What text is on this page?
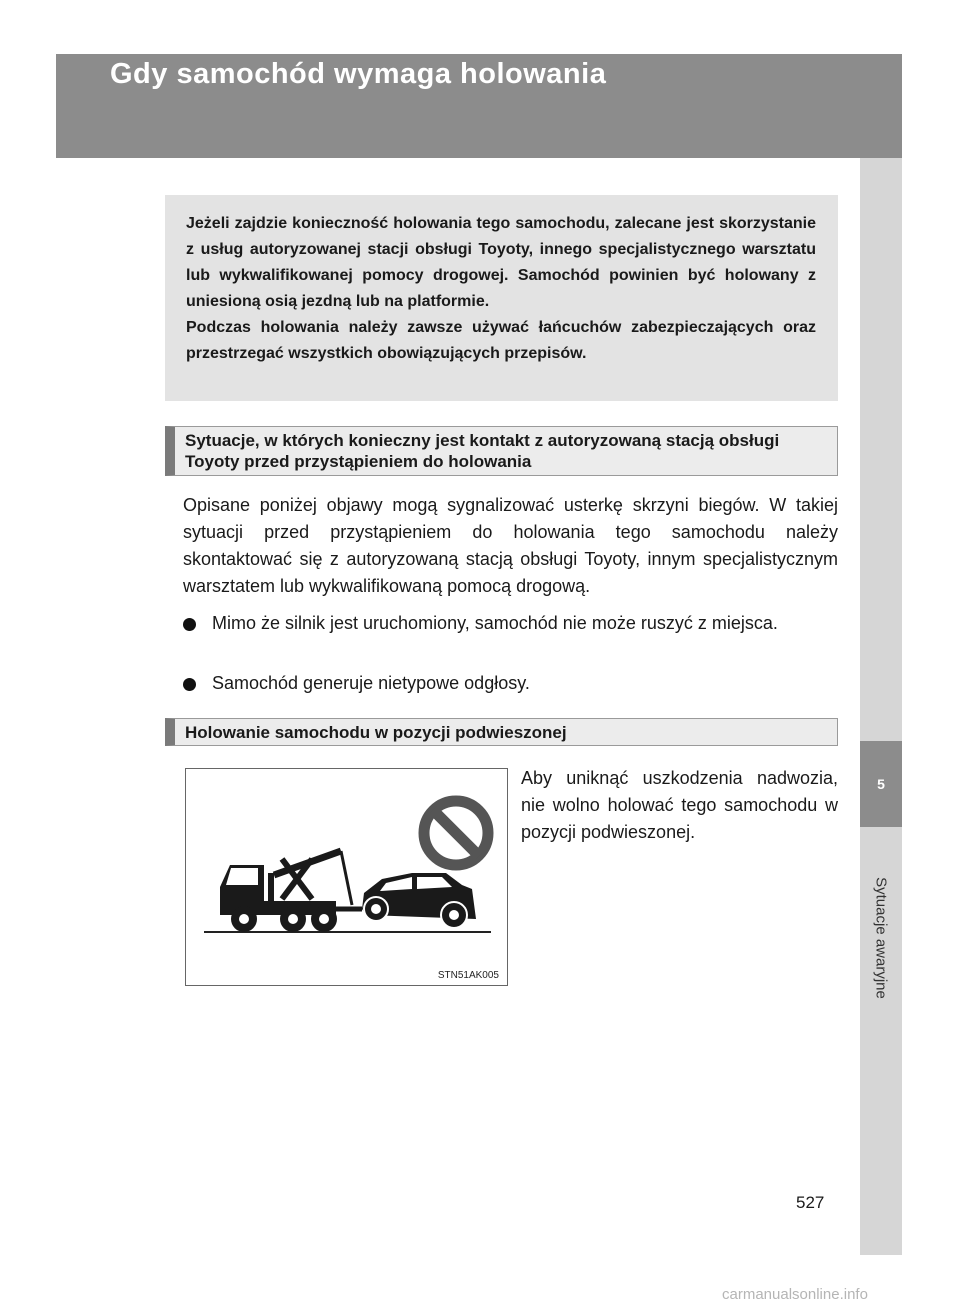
5-1. Podstawowe informacje
Gdy samochód wymaga holowania
5
Sytuacje awaryjne

Jeżeli zajdzie konieczność holowania tego samochodu, zalecane jest skorzystanie z usług autoryzowanej stacji obsługi Toyoty, innego specjalistycznego warsztatu lub wykwalifikowanej pomocy drogowej. Samochód powinien być holowany z uniesioną osią jezdną lub na platformie.

Podczas holowania należy zawsze używać łańcuchów zabezpieczających oraz przestrzegać wszystkich obowiązujących przepisów.

Sytuacje, w których konieczny jest kontakt z autoryzowaną stacją obsługi Toyoty przed przystąpieniem do holowania

Opisane poniżej objawy mogą sygnalizować usterkę skrzyni biegów. W takiej sytuacji przed przystąpieniem do holowania tego samochodu należy skontaktować się z autoryzowaną stacją obsługi Toyoty, innym specjalistycznym warsztatem lub wykwalifikowaną pomocą drogową.

Mimo że silnik jest uruchomiony, samochód nie może ruszyć z miejsca.
Samochód generuje nietypowe odgłosy.
Holowanie samochodu w pozycji podwieszonej
STN51AK005

Aby uniknąć uszkodzenia nadwozia, nie wolno holować tego samochodu w pozycji podwieszonej.

527
carmanualsonline.info
